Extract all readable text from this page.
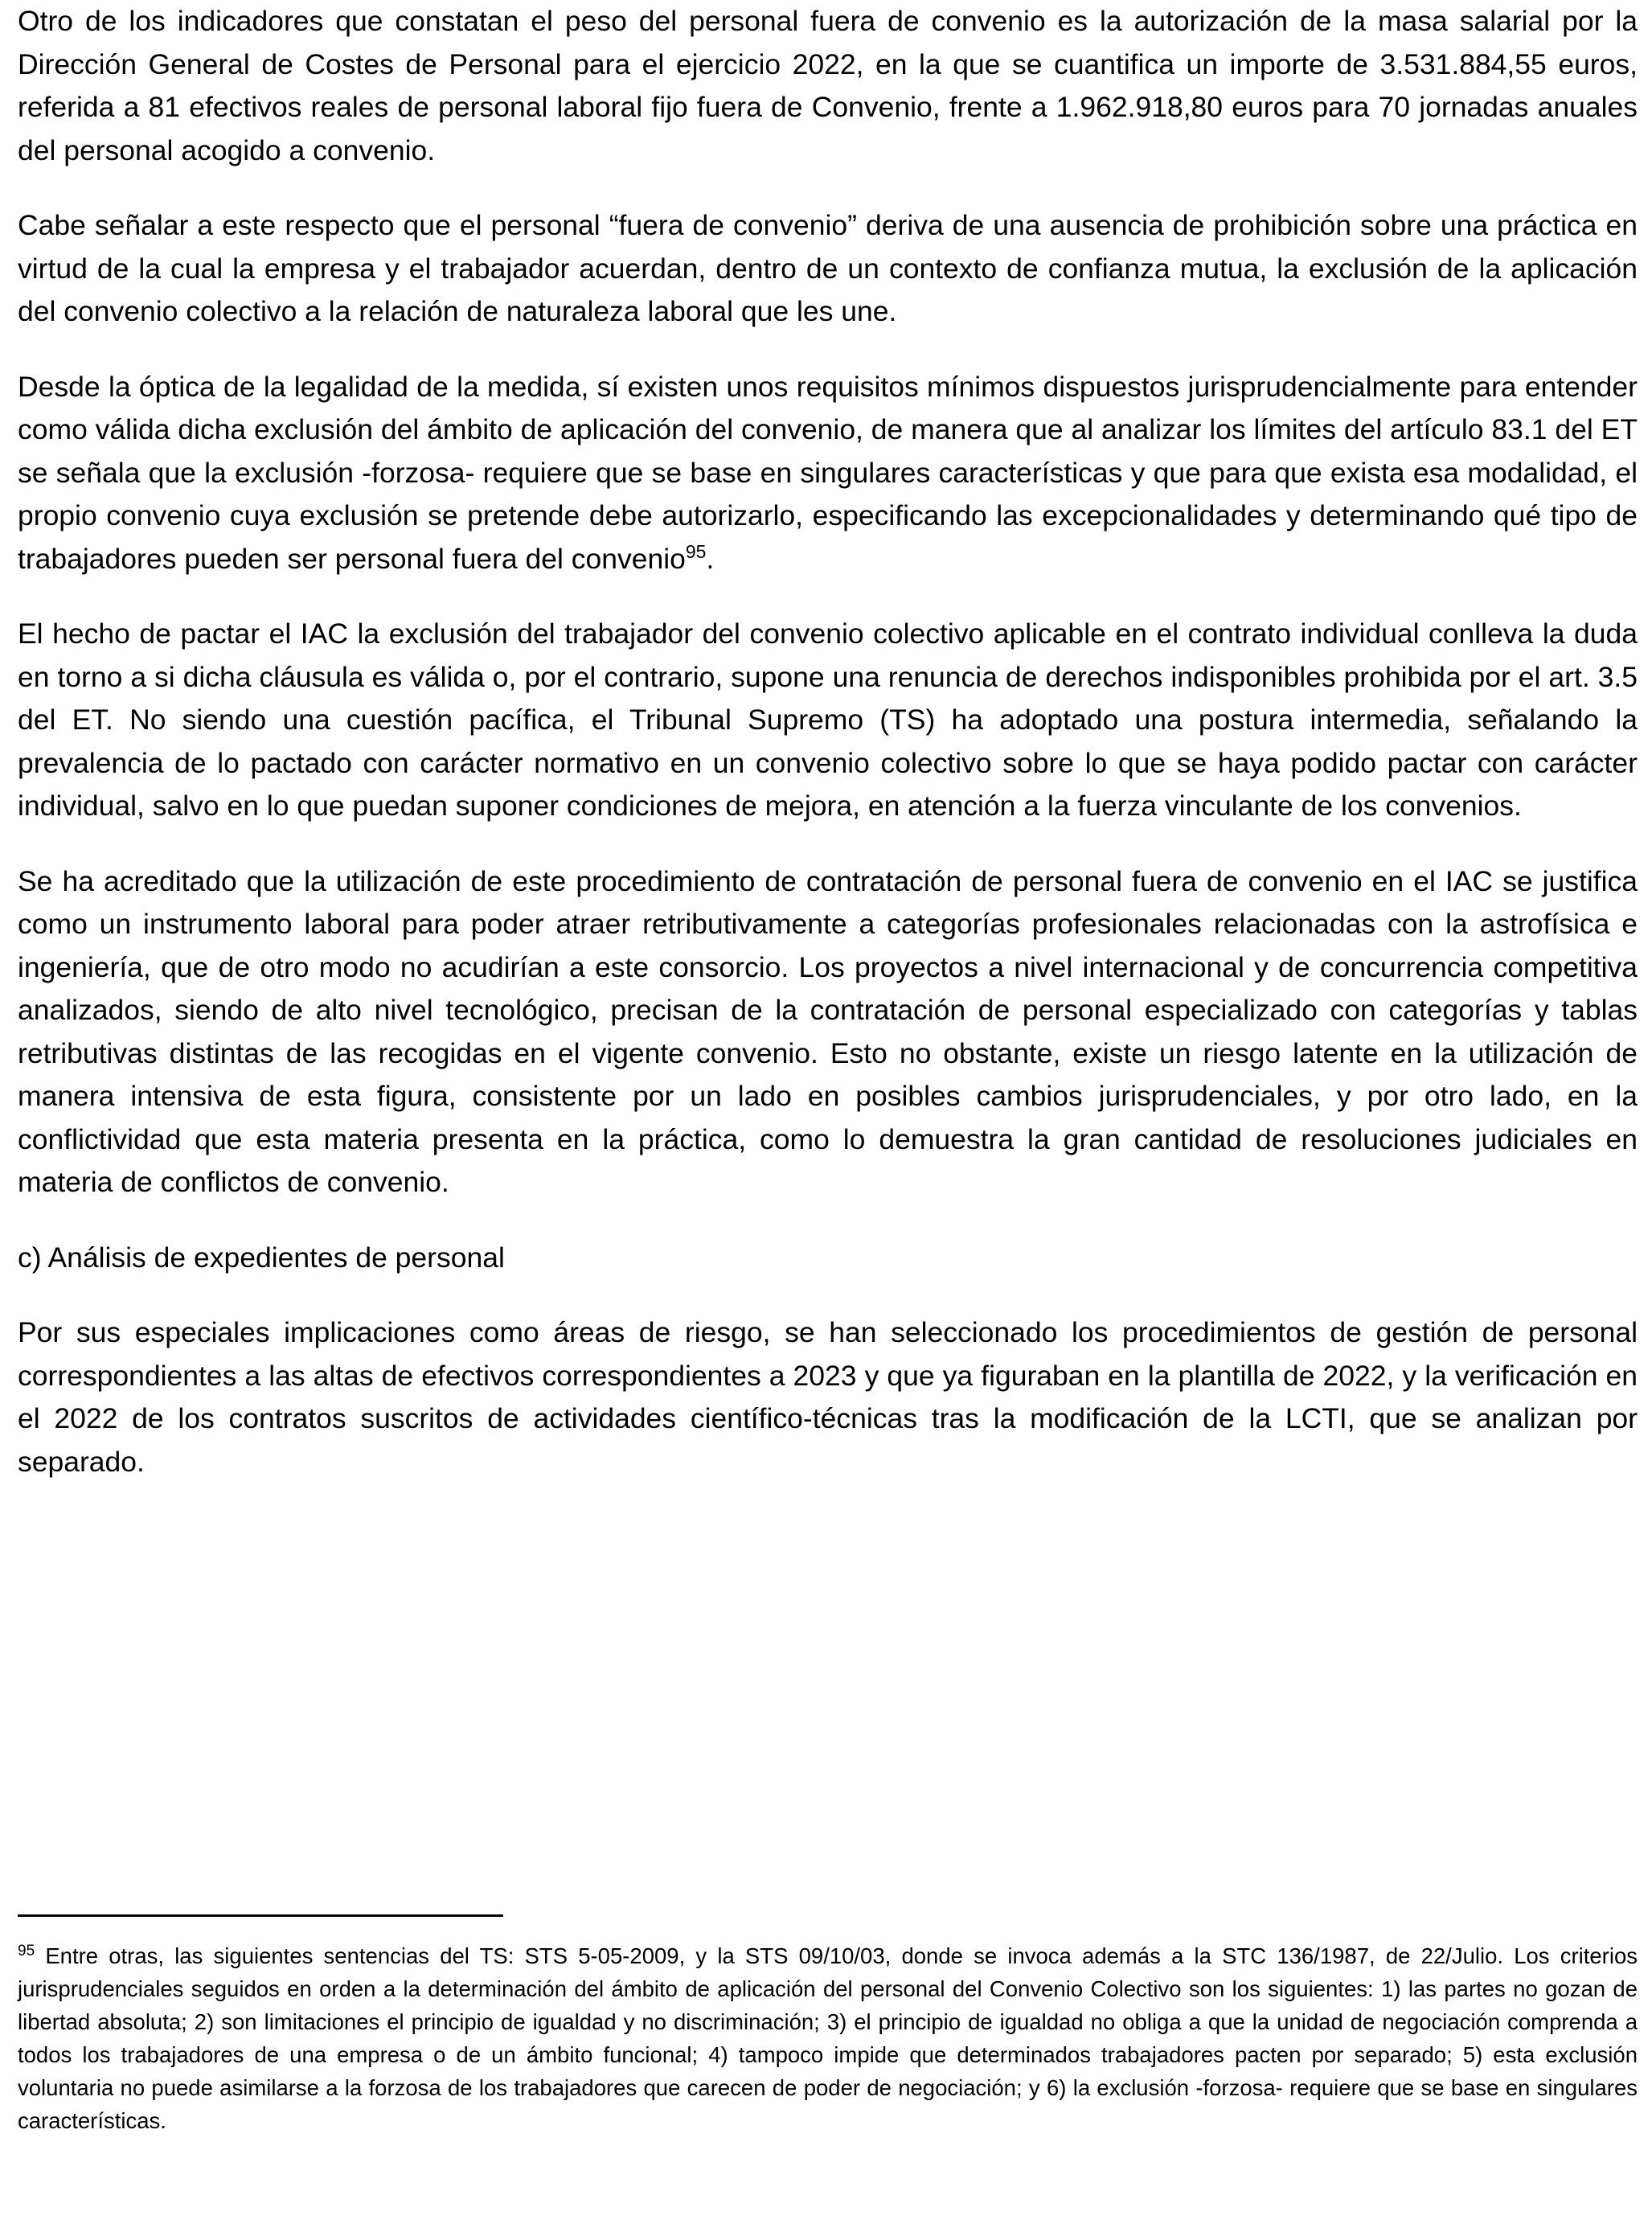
Otro de los indicadores que constatan el peso del personal fuera de convenio es la autorización de la masa salarial por la Dirección General de Costes de Personal para el ejercicio 2022, en la que se cuantifica un importe de 3.531.884,55 euros, referida a 81 efectivos reales de personal laboral fijo fuera de Convenio, frente a 1.962.918,80 euros para 70 jornadas anuales del personal acogido a convenio.

Cabe señalar a este respecto que el personal “fuera de convenio” deriva de una ausencia de prohibición sobre una práctica en virtud de la cual la empresa y el trabajador acuerdan, dentro de un contexto de confianza mutua, la exclusión de la aplicación del convenio colectivo a la relación de naturaleza laboral que les une.

Desde la óptica de la legalidad de la medida, sí existen unos requisitos mínimos dispuestos jurisprudencialmente para entender como válida dicha exclusión del ámbito de aplicación del convenio, de manera que al analizar los límites del artículo 83.1 del ET se señala que la exclusión -forzosa- requiere que se base en singulares características y que para que exista esa modalidad, el propio convenio cuya exclusión se pretende debe autorizarlo, especificando las excepcionalidades y determinando qué tipo de trabajadores pueden ser personal fuera del convenio$^{95}$.

El hecho de pactar el IAC la exclusión del trabajador del convenio colectivo aplicable en el contrato individual conlleva la duda en torno a si dicha cláusula es válida o, por el contrario, supone una renuncia de derechos indisponibles prohibida por el art. 3.5 del ET. No siendo una cuestión pacífica, el Tribunal Supremo (TS) ha adoptado una postura intermedia, señalando la prevalencia de lo pactado con carácter normativo en un convenio colectivo sobre lo que se haya podido pactar con carácter individual, salvo en lo que puedan suponer condiciones de mejora, en atención a la fuerza vinculante de los convenios.

Se ha acreditado que la utilización de este procedimiento de contratación de personal fuera de convenio en el IAC se justifica como un instrumento laboral para poder atraer retributivamente a categorías profesionales relacionadas con la astrofísica e ingeniería, que de otro modo no acudirían a este consorcio. Los proyectos a nivel internacional y de concurrencia competitiva analizados, siendo de alto nivel tecnológico, precisan de la contratación de personal especializado con categorías y tablas retributivas distintas de las recogidas en el vigente convenio. Esto no obstante, existe un riesgo latente en la utilización de manera intensiva de esta figura, consistente por un lado en posibles cambios jurisprudenciales, y por otro lado, en la conflictividad que esta materia presenta en la práctica, como lo demuestra la gran cantidad de resoluciones judiciales en materia de conflictos de convenio.

c) Análisis de expedientes de personal

Por sus especiales implicaciones como áreas de riesgo, se han seleccionado los procedimientos de gestión de personal correspondientes a las altas de efectivos correspondientes a 2023 y que ya figuraban en la plantilla de 2022, y la verificación en el 2022 de los contratos suscritos de actividades científico-técnicas tras la modificación de la LCTI, que se analizan por separado.

$^{95}$ Entre otras, las siguientes sentencias del TS: STS 5-05-2009, y la STS 09/10/03, donde se invoca además a la STC 136/1987, de 22/Julio. Los criterios jurisprudenciales seguidos en orden a la determinación del ámbito de aplicación del personal del Convenio Colectivo son los siguientes: 1) las partes no gozan de libertad absoluta; 2) son limitaciones el principio de igualdad y no discriminación; 3) el principio de igualdad no obliga a que la unidad de negociación comprenda a todos los trabajadores de una empresa o de un ámbito funcional; 4) tampoco impide que determinados trabajadores pacten por separado; 5) esta exclusión voluntaria no puede asimilarse a la forzosa de los trabajadores que carecen de poder de negociación; y 6) la exclusión -forzosa- requiere que se base en singulares características.
